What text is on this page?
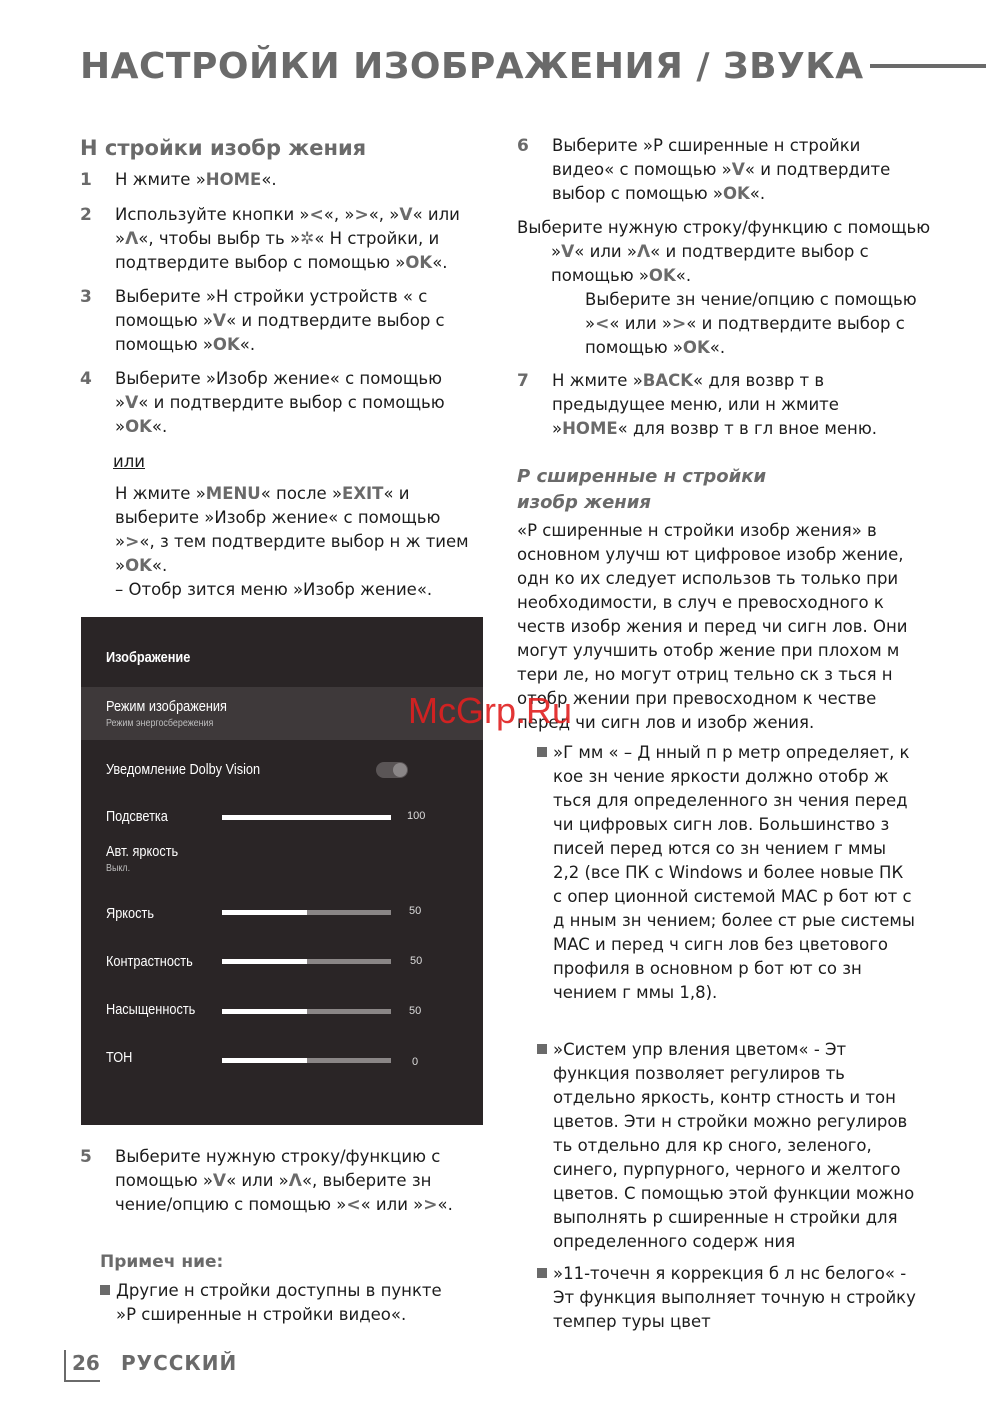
НАСТРОЙКИ ИЗОБРАЖЕНИЯ / ЗВУКА
Н стройки изобр жения
1 Н жмите »HOME«.
2 Используйте кнопки »<«, »>«, »V« или »Λ«, чтобы выбр ть »✲« Н стройки, и подтвердите выбор с помощью »OK«.
3 Выберите »Н стройки устройств « с помощью »V« и подтвердите выбор с помощью »OK«.
4 Выберите »Изобр жение« с помощью »V« и подтвердите выбор с помощью »OK«.
или
Н жмите »MENU« после »EXIT« и выберите »Изобр жение« с помощью »>«, з тем подтвердите выбор н ж тием »OK«.
– Отобр зится меню »Изобр жение«.
Изображение
Режим изображения
Режим энергосбережения
Уведомление Dolby Vision
Подсветка	100
Авт. яркость
Выкл.
Яркость	50
Контрастность	50
Насыщенность	50
ТОН	0
5 Выберите нужную строку/функцию с помощью »V« или »Λ«, выберите зн чение/опцию с помощью »<« или »>«.
Примеч ние:
Другие н стройки доступны в пункте »Р сширенные н стройки видео«.
6 Выберите »Р сширенные н стройки видео« с помощью »V« и подтвердите выбор с помощью »OK«.
Выберите нужную строку/функцию с помощью »V« или »Λ« и подтвердите выбор с помощью »OK«.
Выберите зн чение/опцию с помощью »<« или »>« и подтвердите выбор с помощью »OK«.
7 Н жмите »BACK« для возвр т в предыдущее меню, или н жмите »HOME« для возвр т в гл вное меню.
Р сширенные н стройки
изобр жения
«Р сширенные н стройки изобр жения» в основном улучш ют цифровое изобр жение, одн ко их следует использов ть только при необходимости, в случ е превосходного к честв изобр жения и перед чи сигн лов. Они могут улучшить отобр жение при плохом м тери ле, но могут отриц тельно ск з ться н отобр жении при превосходном к честве перед чи сигн лов и изобр жения.
»Г мм « – Д нный п р метр определяет, к кое зн чение яркости должно отобр ж ться для определенного зн чения перед чи цифровых сигн лов. Большинство з писей перед ются со зн чением г ммы 2,2 (все ПК с Windows и более новые ПК с опер ционной системой MAC р бот ют с д нным зн чением; более ст рые системы MAC и перед ч сигн лов без цветового профиля в основном р бот ют со зн чением г ммы 1,8).
»Систем упр вления цветом« - Эт функция позволяет регулиров ть отдельно яркость, контр стность и тон цветов. Эти н стройки можно регулиров ть отдельно для кр сного, зеленого, синего, пурпурного, черного и желтого цветов. С помощью этой функции можно выполнять р сширенные н стройки для определенного содерж ния
»11-точечн я коррекция б л нс белого« - Эт функция выполняет точную н стройку темпер туры цвет
McGrp.Ru
26 РУССКИЙ
